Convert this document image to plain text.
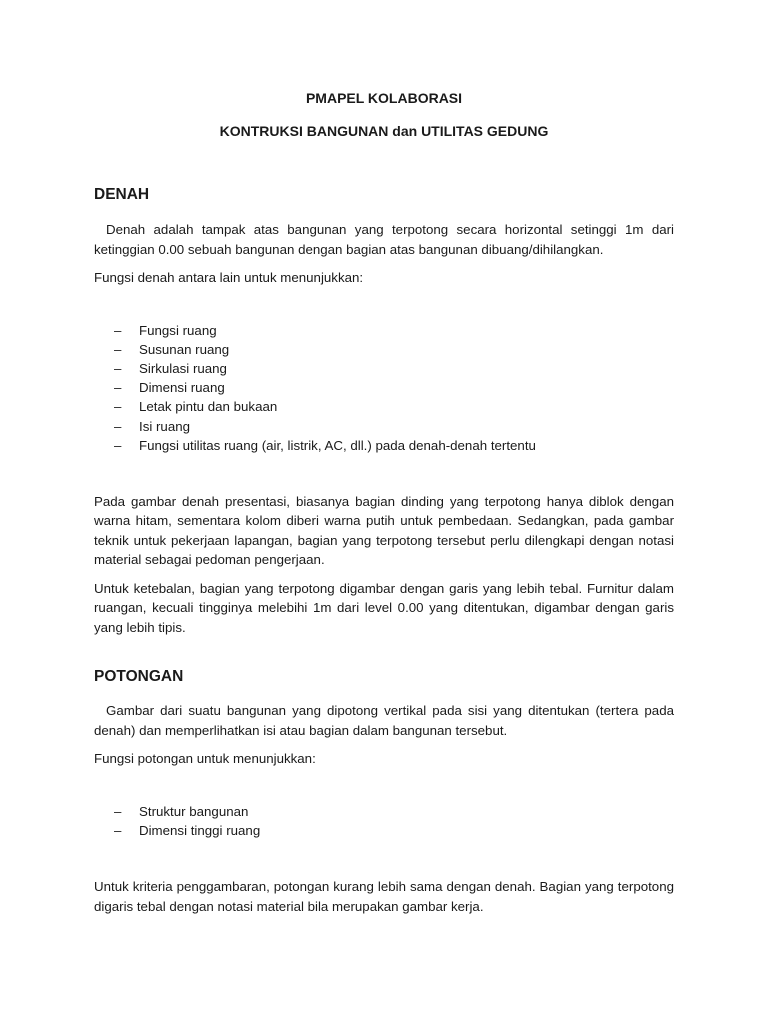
PMAPEL KOLABORASI

KONTRUKSI BANGUNAN dan UTILITAS GEDUNG

DENAH

Denah adalah tampak atas bangunan yang terpotong secara horizontal setinggi 1m dari ketinggian 0.00 sebuah bangunan dengan bagian atas bangunan dibuang/dihilangkan.

Fungsi denah antara lain untuk menunjukkan:

– Fungsi ruang
– Susunan ruang
– Sirkulasi ruang
– Dimensi ruang
– Letak pintu dan bukaan
– Isi ruang
– Fungsi utilitas ruang (air, listrik, AC, dll.) pada denah-denah tertentu

Pada gambar denah presentasi, biasanya bagian dinding yang terpotong hanya diblok dengan warna hitam, sementara kolom diberi warna putih untuk pembedaan. Sedangkan, pada gambar teknik untuk pekerjaan lapangan, bagian yang terpotong tersebut perlu dilengkapi dengan notasi material sebagai pedoman pengerjaan.

Untuk ketebalan, bagian yang terpotong digambar dengan garis yang lebih tebal. Furnitur dalam ruangan, kecuali tingginya melebihi 1m dari level 0.00 yang ditentukan, digambar dengan garis yang lebih tipis.

POTONGAN

Gambar dari suatu bangunan yang dipotong vertikal pada sisi yang ditentukan (tertera pada denah) dan memperlihatkan isi atau bagian dalam bangunan tersebut.

Fungsi potongan untuk menunjukkan:

– Struktur bangunan
– Dimensi tinggi ruang

Untuk kriteria penggambaran, potongan kurang lebih sama dengan denah. Bagian yang terpotong digaris tebal dengan notasi material bila merupakan gambar kerja.
